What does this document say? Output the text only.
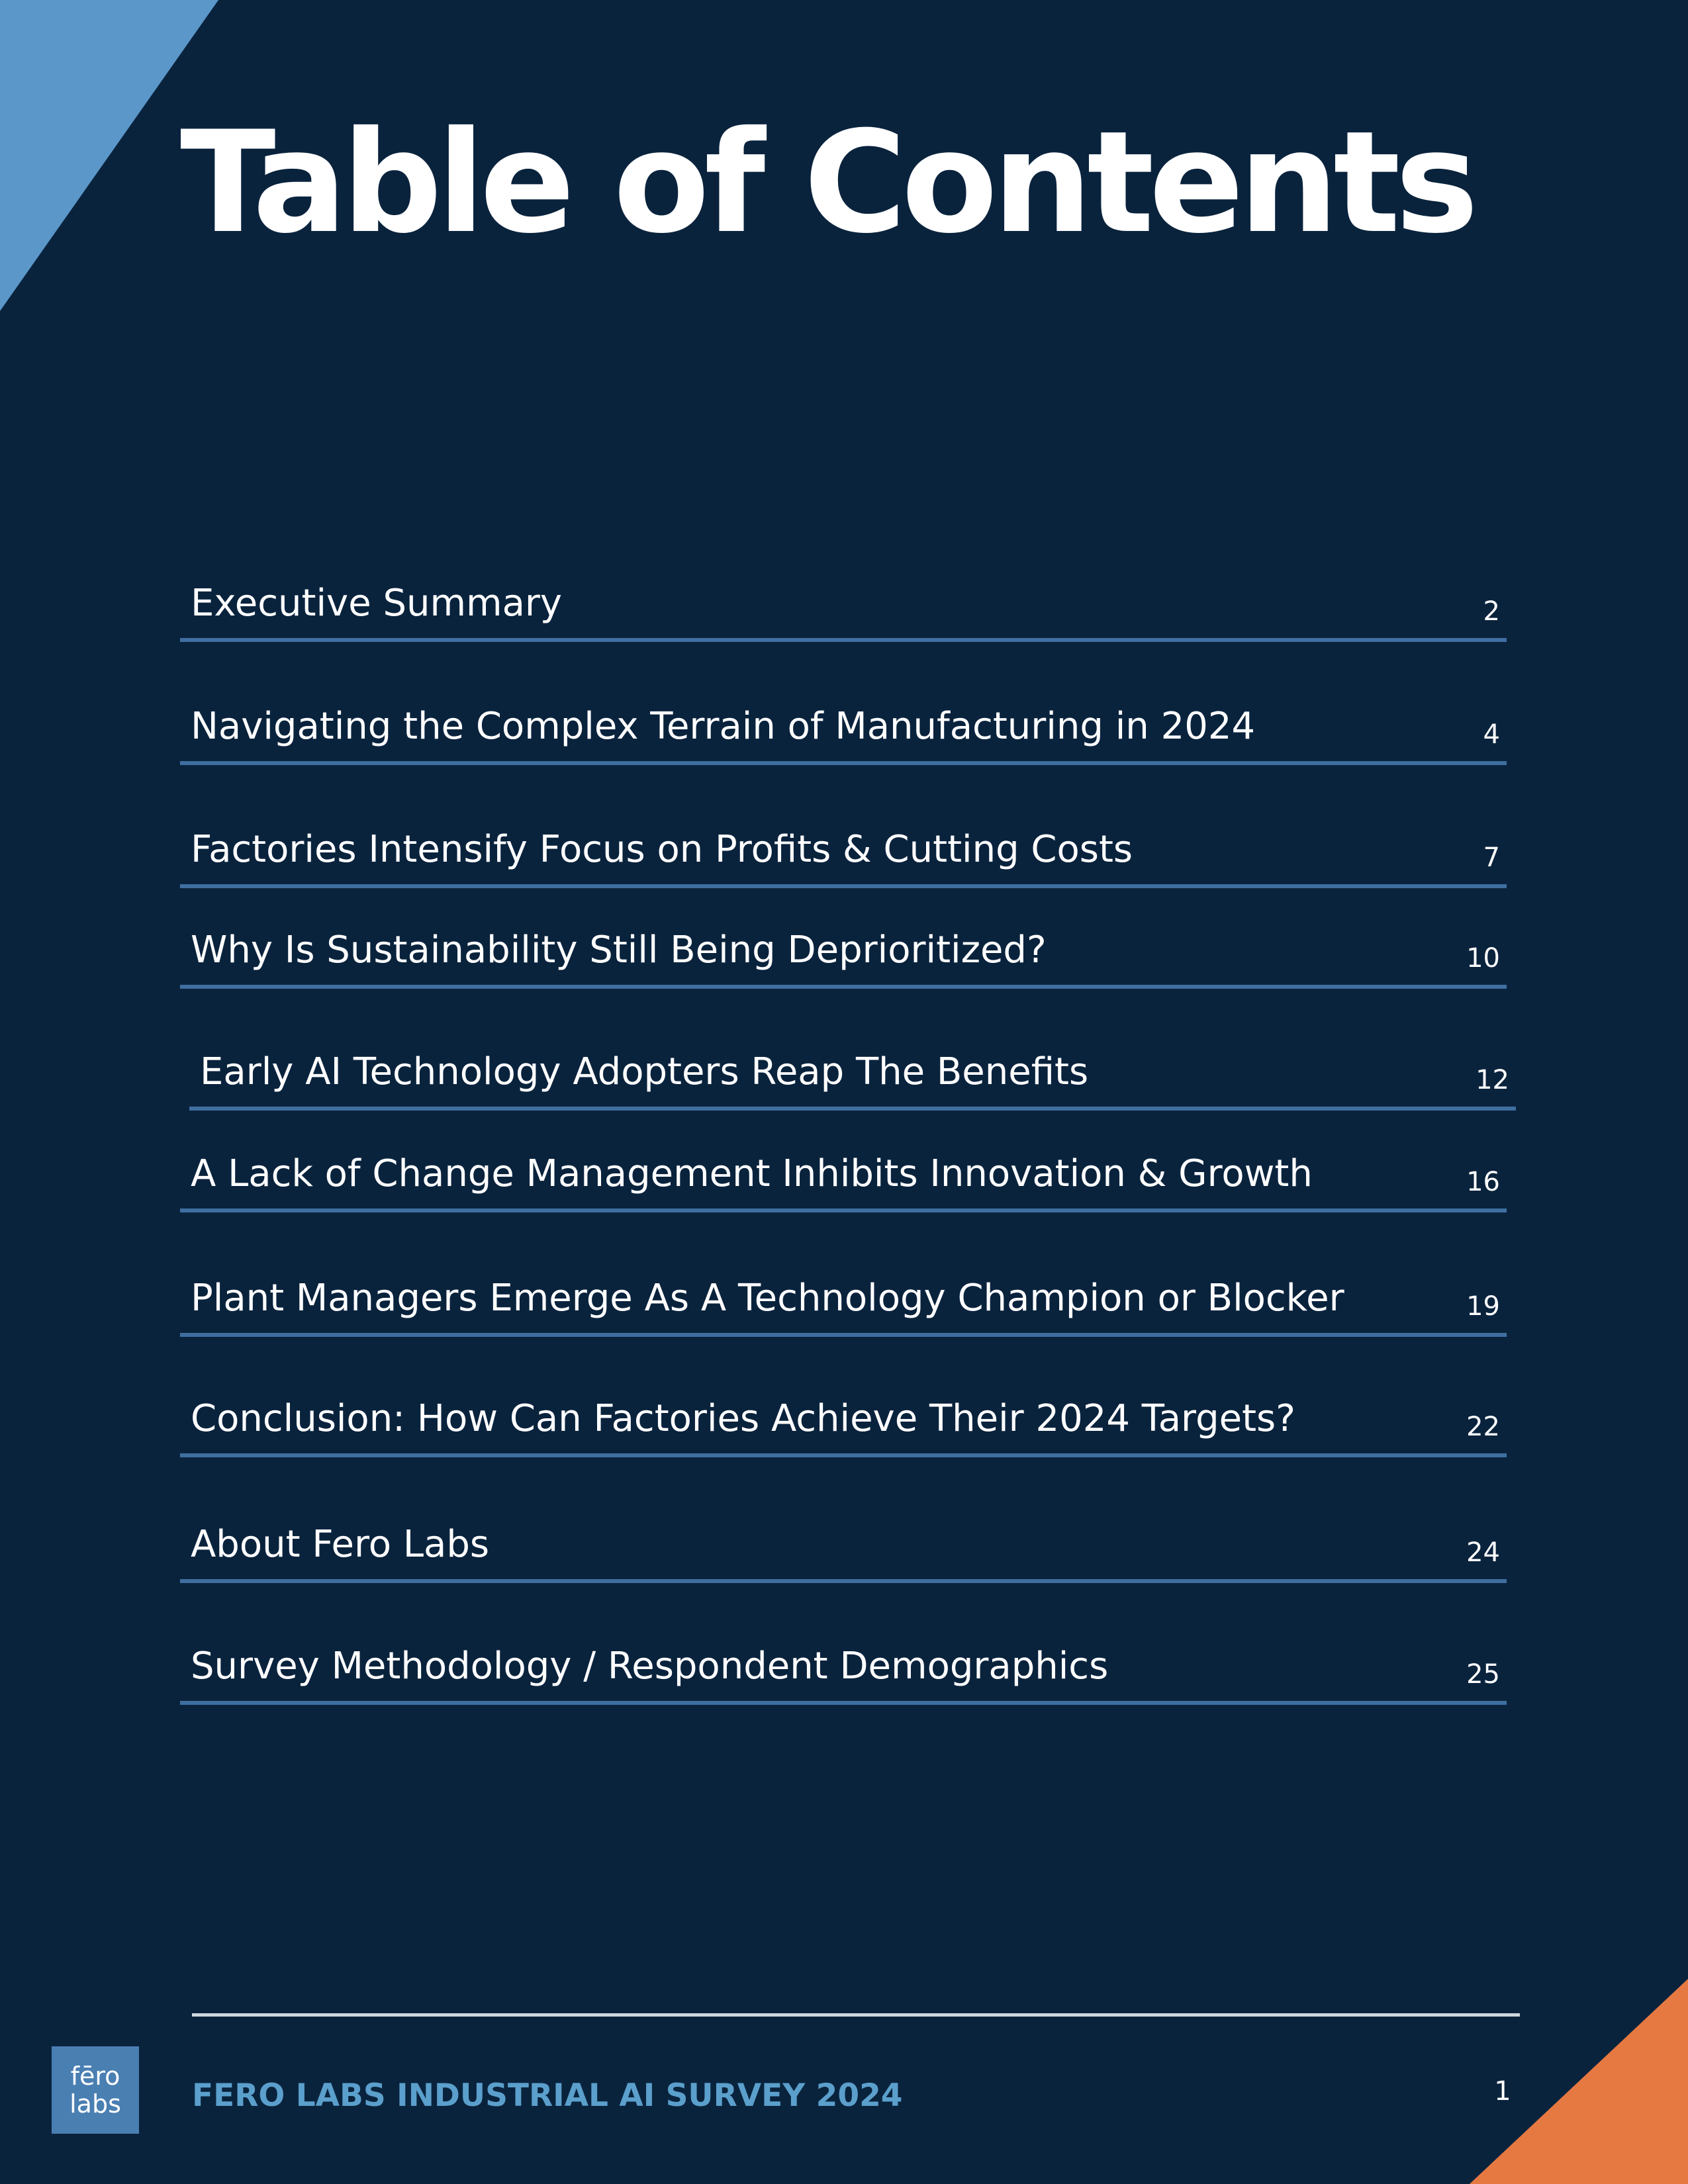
Table of Contents
Executive Summary	2
Navigating the Complex Terrain of Manufacturing in 2024	4
Factories Intensify Focus on Profits & Cutting Costs	7
Why Is Sustainability Still Being Deprioritized?	10
Early AI Technology Adopters Reap The Benefits	12
A Lack of Change Management Inhibits Innovation & Growth	16
Plant Managers Emerge As A Technology Champion or Blocker	19
Conclusion: How Can Factories Achieve Their 2024 Targets?	22
About Fero Labs	24
Survey Methodology / Respondent Demographics	25
fēro
labs	FERO LABS INDUSTRIAL AI SURVEY 2024	1
